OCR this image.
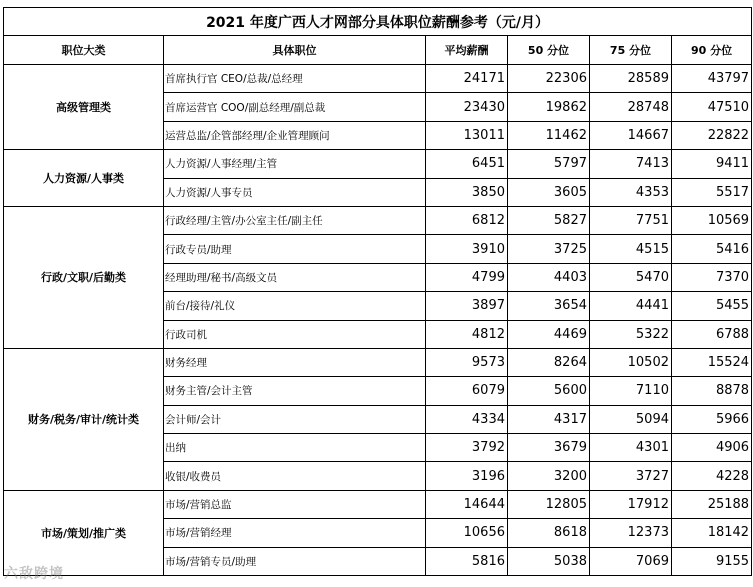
2021 年度广西人才网部分具体职位薪酬参考（元/月）					
职位大类	具体职位	平均薪酬	50 分位	75 分位	90 分位
高级管理类	首席执行官 CEO/总裁/总经理	24171	22306	28589	43797
	首席运营官 COO/副总经理/副总裁	23430	19862	28748	47510
	运营总监/企管部经理/企业管理顾问	13011	11462	14667	22822
人力资源/人事类	人力资源/人事经理/主管	6451	5797	7413	9411
	人力资源/人事专员	3850	3605	4353	5517
行政/文职/后勤类	行政经理/主管/办公室主任/副主任	6812	5827	7751	10569
	行政专员/助理	3910	3725	4515	5416
	经理助理/秘书/高级文员	4799	4403	5470	7370
	前台/接待/礼仪	3897	3654	4441	5455
	行政司机	4812	4469	5322	6788
财务/税务/审计/统计类	财务经理	9573	8264	10502	15524
	财务主管/会计主管	6079	5600	7110	8878
	会计师/会计	4334	4317	5094	5966
	出纳	3792	3679	4301	4906
	收银/收费员	3196	3200	3727	4228
市场/策划/推广类	市场/营销总监	14644	12805	17912	25188
	市场/营销经理	10656	8618	12373	18142
	市场/营销专员/助理	5816	5038	7069	9155
六敌跨境
